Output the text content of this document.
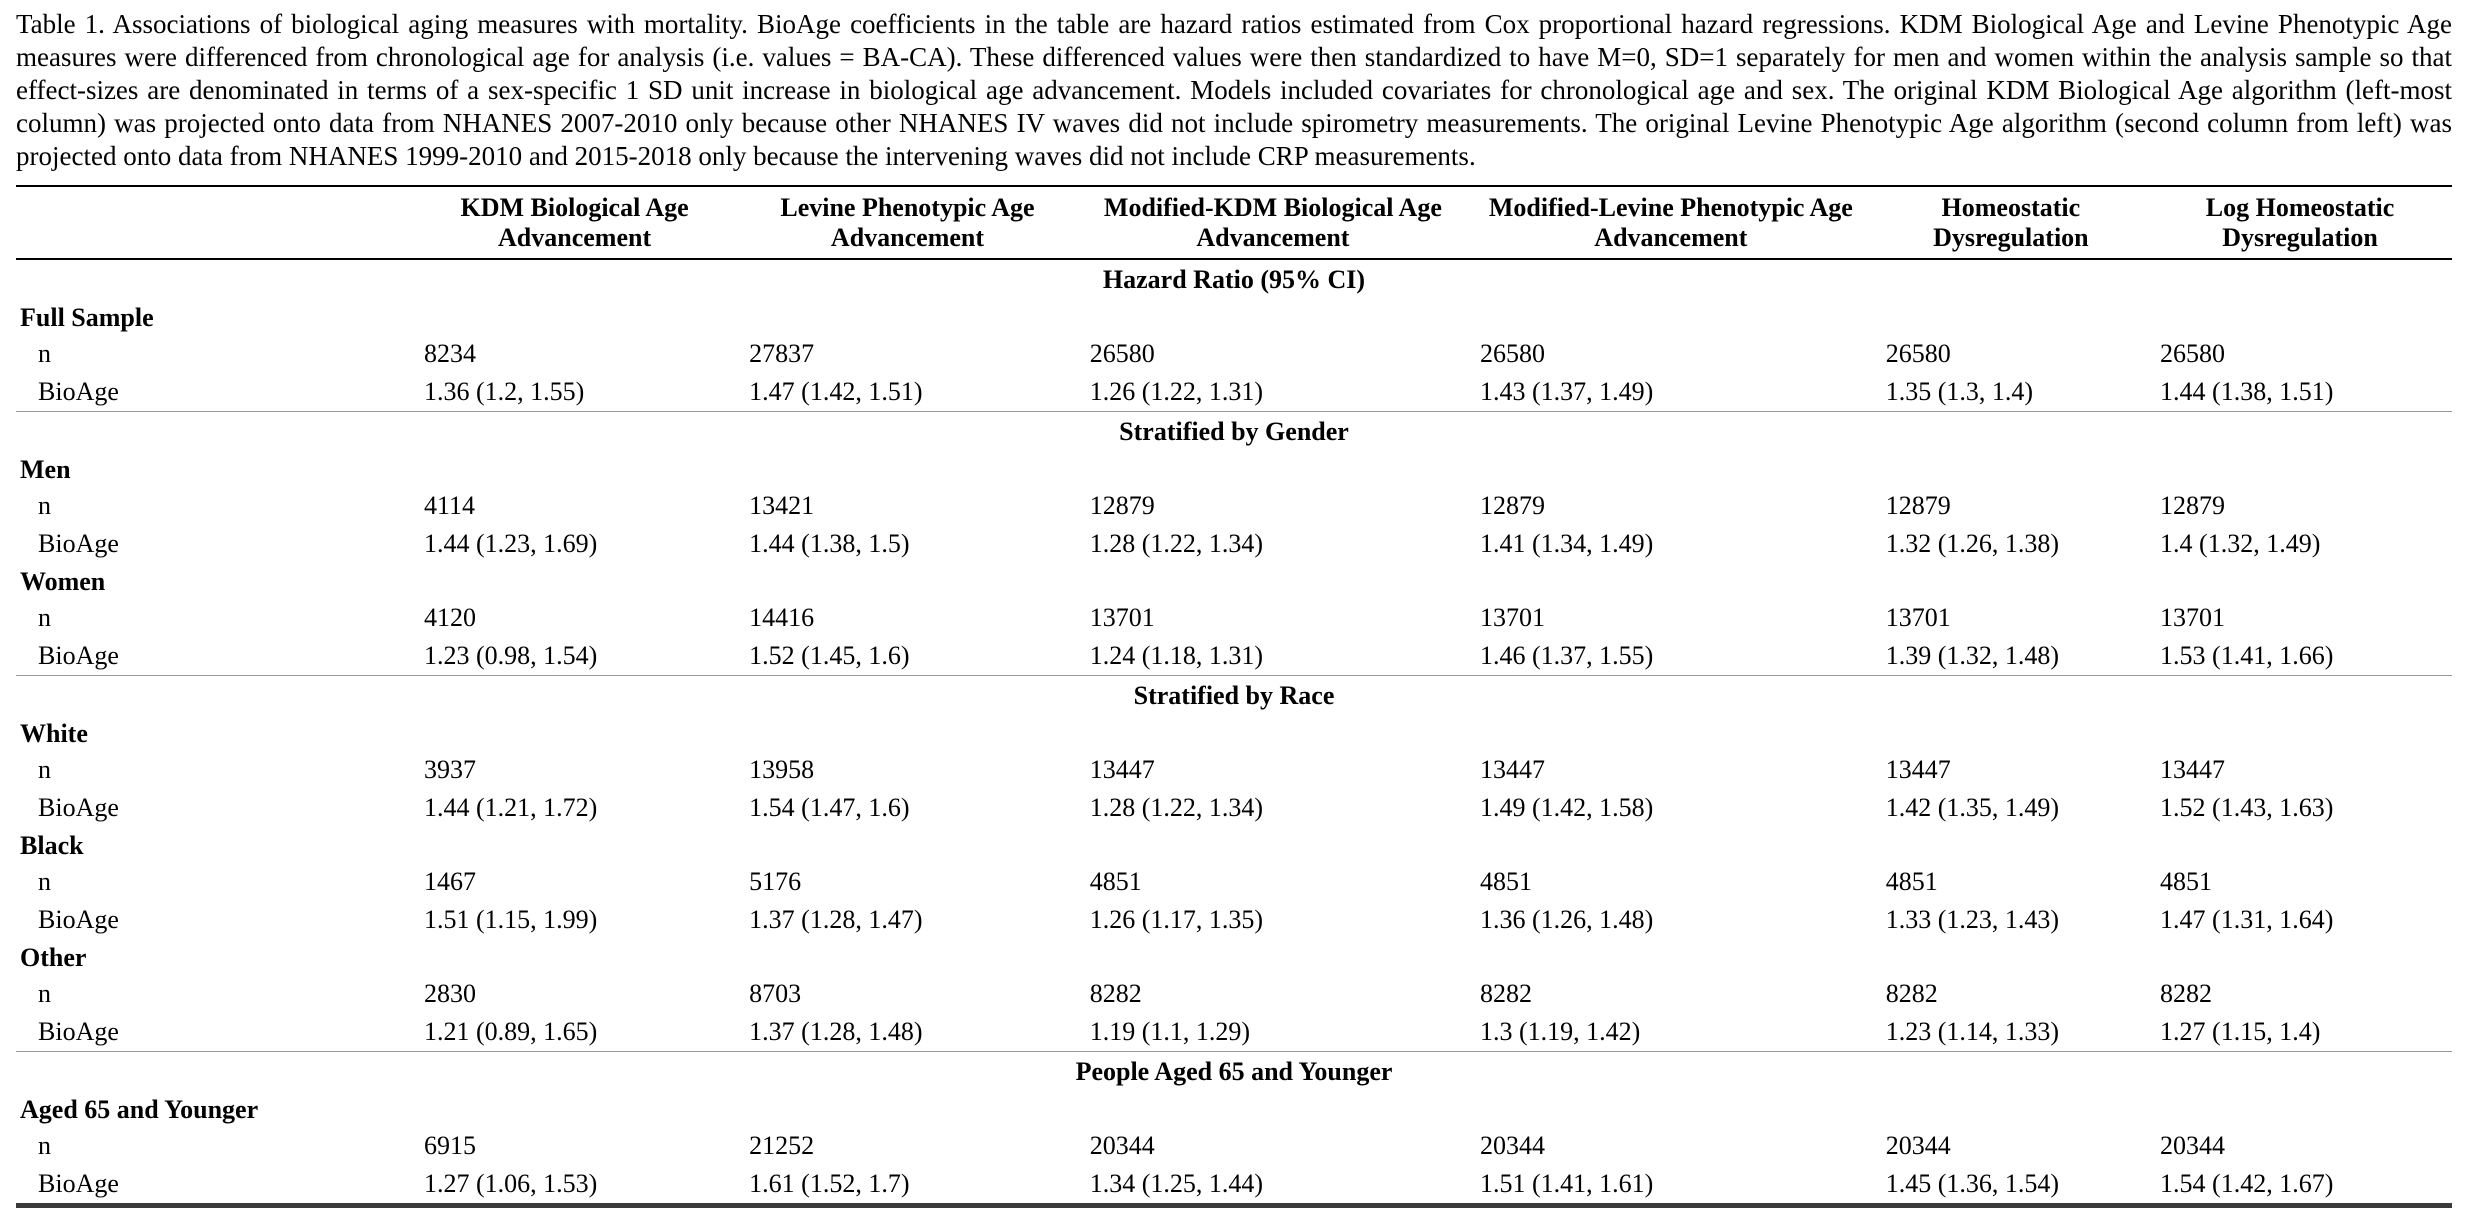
Table 1. Associations of biological aging measures with mortality. BioAge coefficients in the table are hazard ratios estimated from Cox proportional hazard regressions. KDM Biological Age and Levine Phenotypic Age measures were differenced from chronological age for analysis (i.e. values = BA-CA). These differenced values were then standardized to have M=0, SD=1 separately for men and women within the analysis sample so that effect-sizes are denominated in terms of a sex-specific 1 SD unit increase in biological age advancement. Models included covariates for chronological age and sex. The original KDM Biological Age algorithm (left-most column) was projected onto data from NHANES 2007-2010 only because other NHANES IV waves did not include spirometry measurements. The original Levine Phenotypic Age algorithm (second column from left) was projected onto data from NHANES 1999-2010 and 2015-2018 only because the intervening waves did not include CRP measurements.

	KDM Biological Age Advancement	Levine Phenotypic Age Advancement	Modified-KDM Biological Age Advancement	Modified-Levine Phenotypic Age Advancement	Homeostatic Dysregulation	Log Homeostatic Dysregulation
Hazard Ratio (95% CI)						
Full Sample						
n	8234	27837	26580	26580	26580	26580
BioAge	1.36 (1.2, 1.55)	1.47 (1.42, 1.51)	1.26 (1.22, 1.31)	1.43 (1.37, 1.49)	1.35 (1.3, 1.4)	1.44 (1.38, 1.51)
Stratified by Gender						
Men						
n	4114	13421	12879	12879	12879	12879
BioAge	1.44 (1.23, 1.69)	1.44 (1.38, 1.5)	1.28 (1.22, 1.34)	1.41 (1.34, 1.49)	1.32 (1.26, 1.38)	1.4 (1.32, 1.49)
Women						
n	4120	14416	13701	13701	13701	13701
BioAge	1.23 (0.98, 1.54)	1.52 (1.45, 1.6)	1.24 (1.18, 1.31)	1.46 (1.37, 1.55)	1.39 (1.32, 1.48)	1.53 (1.41, 1.66)
Stratified by Race						
White						
n	3937	13958	13447	13447	13447	13447
BioAge	1.44 (1.21, 1.72)	1.54 (1.47, 1.6)	1.28 (1.22, 1.34)	1.49 (1.42, 1.58)	1.42 (1.35, 1.49)	1.52 (1.43, 1.63)
Black						
n	1467	5176	4851	4851	4851	4851
BioAge	1.51 (1.15, 1.99)	1.37 (1.28, 1.47)	1.26 (1.17, 1.35)	1.36 (1.26, 1.48)	1.33 (1.23, 1.43)	1.47 (1.31, 1.64)
Other						
n	2830	8703	8282	8282	8282	8282
BioAge	1.21 (0.89, 1.65)	1.37 (1.28, 1.48)	1.19 (1.1, 1.29)	1.3 (1.19, 1.42)	1.23 (1.14, 1.33)	1.27 (1.15, 1.4)
People Aged 65 and Younger						
Aged 65 and Younger						
n	6915	21252	20344	20344	20344	20344
BioAge	1.27 (1.06, 1.53)	1.61 (1.52, 1.7)	1.34 (1.25, 1.44)	1.51 (1.41, 1.61)	1.45 (1.36, 1.54)	1.54 (1.42, 1.67)
